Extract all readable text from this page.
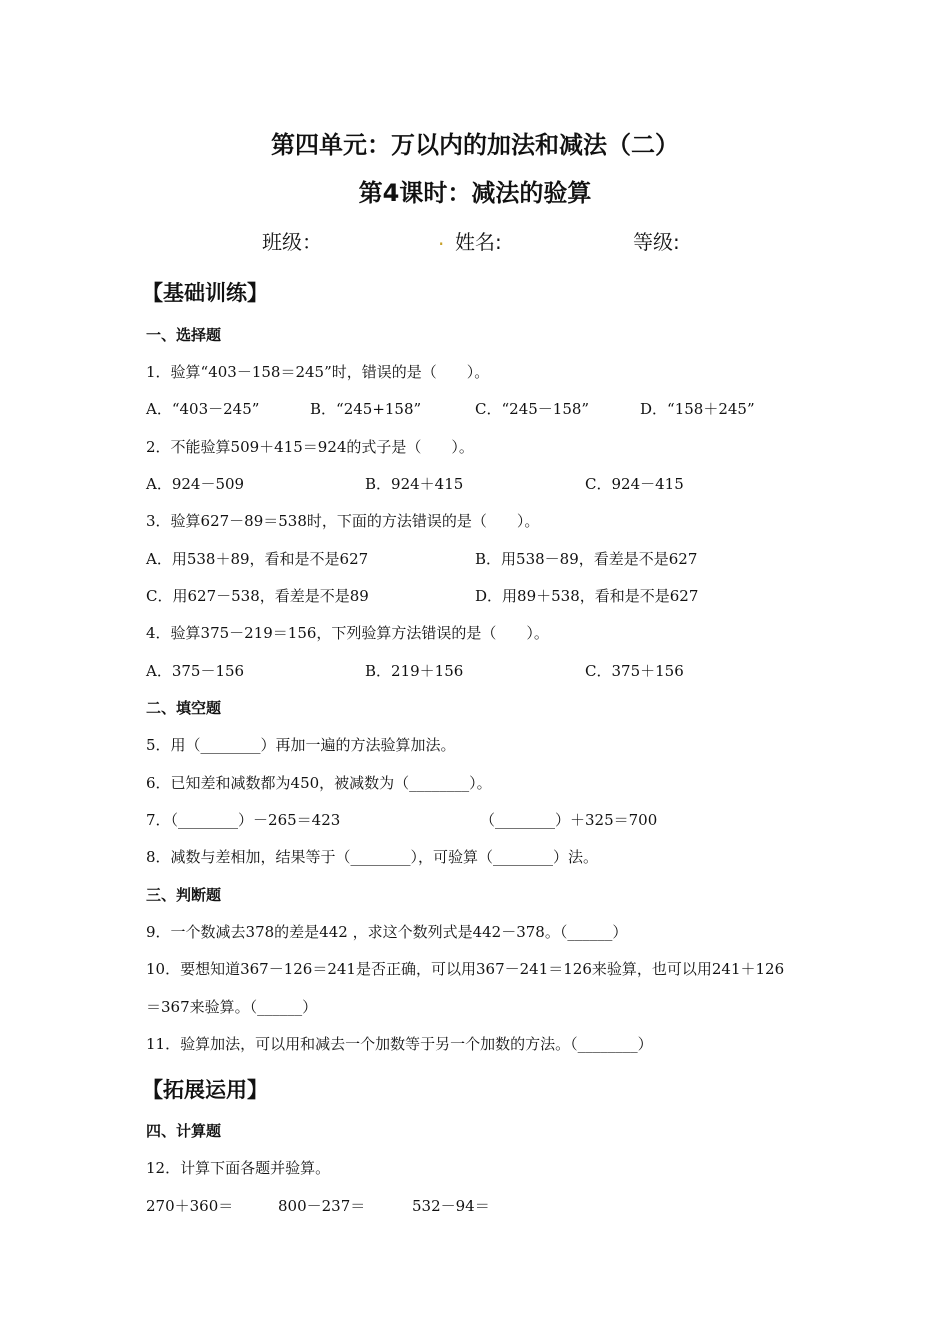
第四单元：万以内的加法和减法（二）
第4课时：减法的验算
班级：	. 姓名:	等级:
【基础训练】
一、选择题
1．验算“403－158＝245”时，错误的是（　　）。
A．“403－245”	B．“245+158”	C．“245－158”	D．“158＋245”
2．不能验算509＋415＝924的式子是（　　）。
A．924－509	B．924＋415	C．924－415
3．验算627－89＝538时，下面的方法错误的是（　　）。
A．用538＋89，看和是不是627	B．用538－89，看差是不是627
C．用627－538，看差是不是89	D．用89＋538，看和是不是627
4．验算375－219＝156，下列验算方法错误的是（　　）。
A．375－156	B．219＋156	C．375＋156
二、填空题
5．用（________）再加一遍的方法验算加法。
6．已知差和减数都为450，被减数为（________）。
7．（________）－265＝423	（________）＋325＝700
8．减数与差相加，结果等于（________），可验算（________）法。
三、判断题
9．一个数减去378的差是442 ，求这个数列式是442－378。（______）
10．要想知道367－126＝241是否正确，可以用367－241＝126来验算，也可以用241＋126
＝367来验算。（______）
11．验算加法，可以用和减去一个加数等于另一个加数的方法。（________）
【拓展运用】
四、计算题
12．计算下面各题并验算。
270＋360＝	800－237＝	532－94＝
